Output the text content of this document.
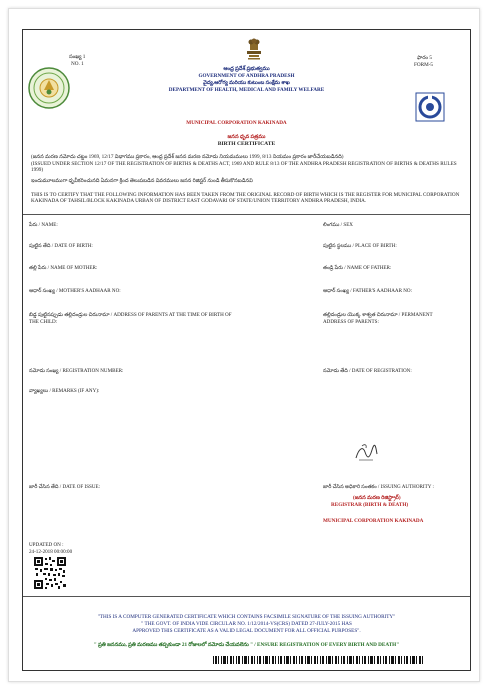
సంఖ్య 1
NO. 1
ఫారం 5
FORM-5
ఆంధ్ర ప్రదేశ్ ప్రభుత్వము
GOVERNMENT OF ANDHRA PRADESH
వైద్య,ఆరోగ్య మరియు కుటుంబ సంక్షేమ శాఖ
DEPARTMENT OF HEALTH, MEDICAL AND FAMILY WELFARE
MUNICIPAL CORPORATION KAKINADA
జనన ధృవ పత్రము
BIRTH CERTIFICATE
(జనన మరణ నమోదు చట్టం 1969, 12/17 విభాగము ప్రకారం, ఆంధ్ర ప్రదేశ్ జనన మరణ నమోదు నియమములు 1999, 8/13 నియమం ప్రకారం జారీచేయబడినది)
(ISSUED UNDER SECTION 12/17 OF THE REGISTRATION OF BIRTHS & DEATHS ACT, 1969 AND RULE 8/13 OF THE ANDHRA PRADESH REGISTRATION OF BIRTHS & DEATHS RULES 1999)
ఇందుమూలముగా ధృవీకరించునది ఏమనగా క్రింద తెలుపబడిన వివరములు జనన రిజిస్టర్ నుండి తీసుకొనబడినవి
THIS IS TO CERTIFY THAT THE FOLLOWING INFORMATION HAS BEEN TAKEN FROM THE ORIGINAL RECORD OF BIRTH WHICH IS THE REGISTER FOR MUNICIPAL CORPORATION KAKINADA OF TAHSIL/BLOCK KAKINADA URBAN OF DISTRICT EAST GODAVARI OF STATE/UNION TERRITORY ANDHRA PRADESH, INDIA.
పేరు / NAME:	లింగము / SEX
పుట్టిన తేది / DATE OF BIRTH:	పుట్టిన స్థలము / PLACE OF BIRTH:
తల్లి పేరు / NAME OF MOTHER:	తండ్రి పేరు / NAME OF FATHER:
ఆధార్ సంఖ్య / MOTHER'S AADHAAR NO:	ఆధార్ సంఖ్య / FATHER'S AADHAAR NO:
బిడ్డ పుట్టినప్పుడు తల్లిదండ్రుల చిరునామా / ADDRESS OF PARENTS AT THE TIME OF BIRTH OF
THE CHILD:
తల్లిదండ్రుల యొక్క శాశ్వత చిరునామా / PERMANENT
ADDRESS OF PARENTS:
నమోదు సంఖ్య / REGISTRATION NUMBER:	నమోదు తేది / DATE OF REGISTRATION:
వ్యాఖ్యలు / REMARKS (IF ANY):
జారీ చేసిన తేది / DATE OF ISSUE:	జారీ చేసిన అధికారి సంతకం / ISSUING AUTHORITY :
(జనన మరణ రిజిస్ట్రార్)
REGISTRAR (BIRTH & DEATH)
MUNICIPAL CORPORATION KAKINADA
UPDATED ON :
24-12-2018 00:00:00
"THIS IS A COMPUTER GENERATED CERTIFICATE WHICH CONTAINS FACSIMILE SIGNATURE OF THE ISSUING AUTHORITY"
" THE GOVT. OF INDIA VIDE CIRCULAR NO. 1/12/2014-VS(CRS) DATED 27-JULY-2015 HAS
APPROVED THIS CERTIFICATE AS A VALID LEGAL DOCUMENT FOR ALL OFFICIAL PURPOSES".
" ప్రతి జననము, ప్రతి మరణము తప్పకుండా 21 రోజులలో నమోదు చేయవలెను " / ENSURE REGISTRATION OF EVERY BIRTH AND DEATH"
